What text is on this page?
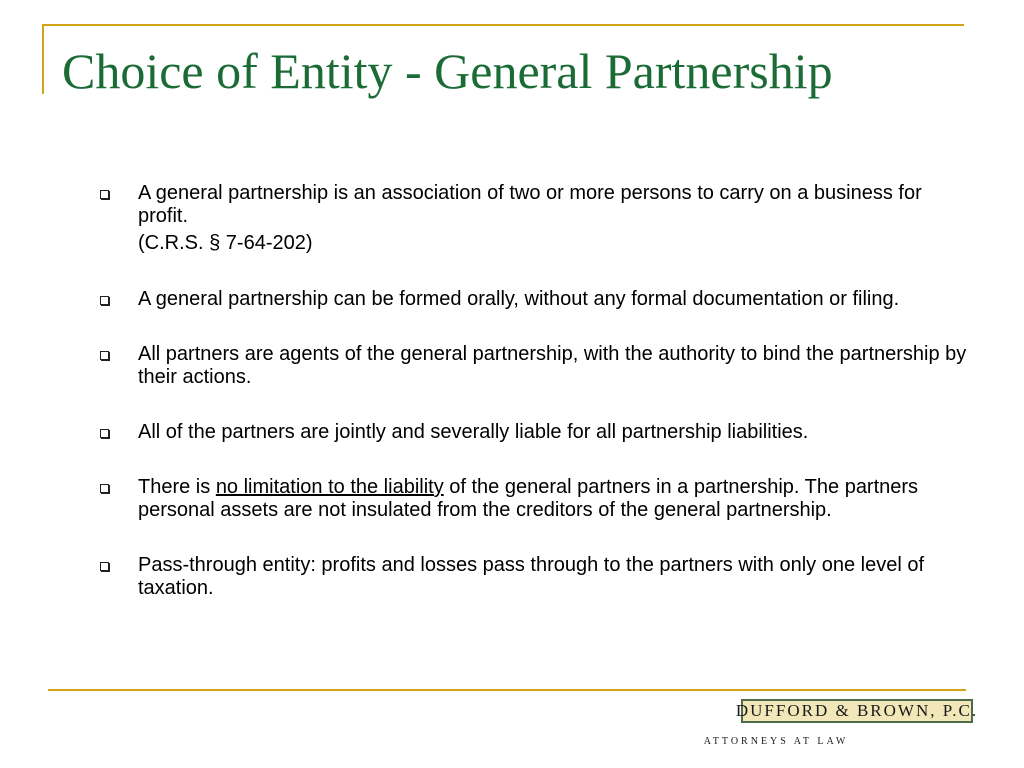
Choice of Entity - General Partnership
A general partnership is an association of two or more persons to carry on a business for profit.
(C.R.S. § 7-64-202)
A general partnership can be formed orally, without any formal documentation or filing.
All partners are agents of the general partnership, with the authority to bind the partnership by their actions.
All of the partners are jointly and severally liable for all partnership liabilities.
There is no limitation to the liability of the general partners in a partnership. The partners personal assets are not insulated from the creditors of the general partnership.
Pass-through entity: profits and losses pass through to the partners with only one level of taxation.
DUFFORD & BROWN, P.C.
ATTORNEYS AT LAW
